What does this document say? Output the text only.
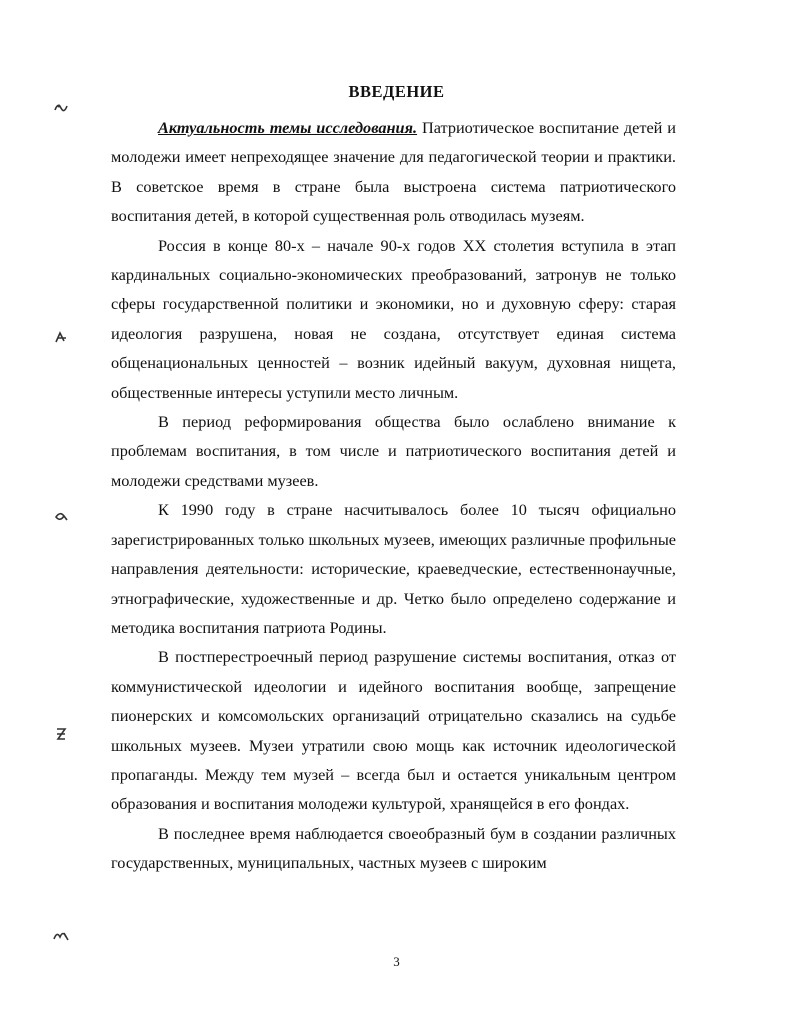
ВВЕДЕНИЕ

Актуальность темы исследования. Патриотическое воспитание детей и молодежи имеет непреходящее значение для педагогической теории и практики. В советское время в стране была выстроена система патриотического воспитания детей, в которой существенная роль отводилась музеям.

Россия в конце 80-х – начале 90-х годов XX столетия вступила в этап кардинальных социально-экономических преобразований, затронув не только сферы государственной политики и экономики, но и духовную сферу: старая идеология разрушена, новая не создана, отсутствует единая система общенациональных ценностей – возник идейный вакуум, духовная нищета, общественные интересы уступили место личным.

В период реформирования общества было ослаблено внимание к проблемам воспитания, в том числе и патриотического воспитания детей и молодежи средствами музеев.

К 1990 году в стране насчитывалось более 10 тысяч официально зарегистрированных только школьных музеев, имеющих различные профильные направления деятельности: исторические, краеведческие, естественнонаучные, этнографические, художественные и др. Четко было определено содержание и методика воспитания патриота Родины.

В постперестроечный период разрушение системы воспитания, отказ от коммунистической идеологии и идейного воспитания вообще, запрещение пионерских и комсомольских организаций отрицательно сказались на судьбе школьных музеев. Музеи утратили свою мощь как источник идеологической пропаганды. Между тем музей – всегда был и остается уникальным центром образования и воспитания молодежи культурой, хранящейся в его фондах.

В последнее время наблюдается своеобразный бум в создании различных государственных, муниципальных, частных музеев с широким

3
